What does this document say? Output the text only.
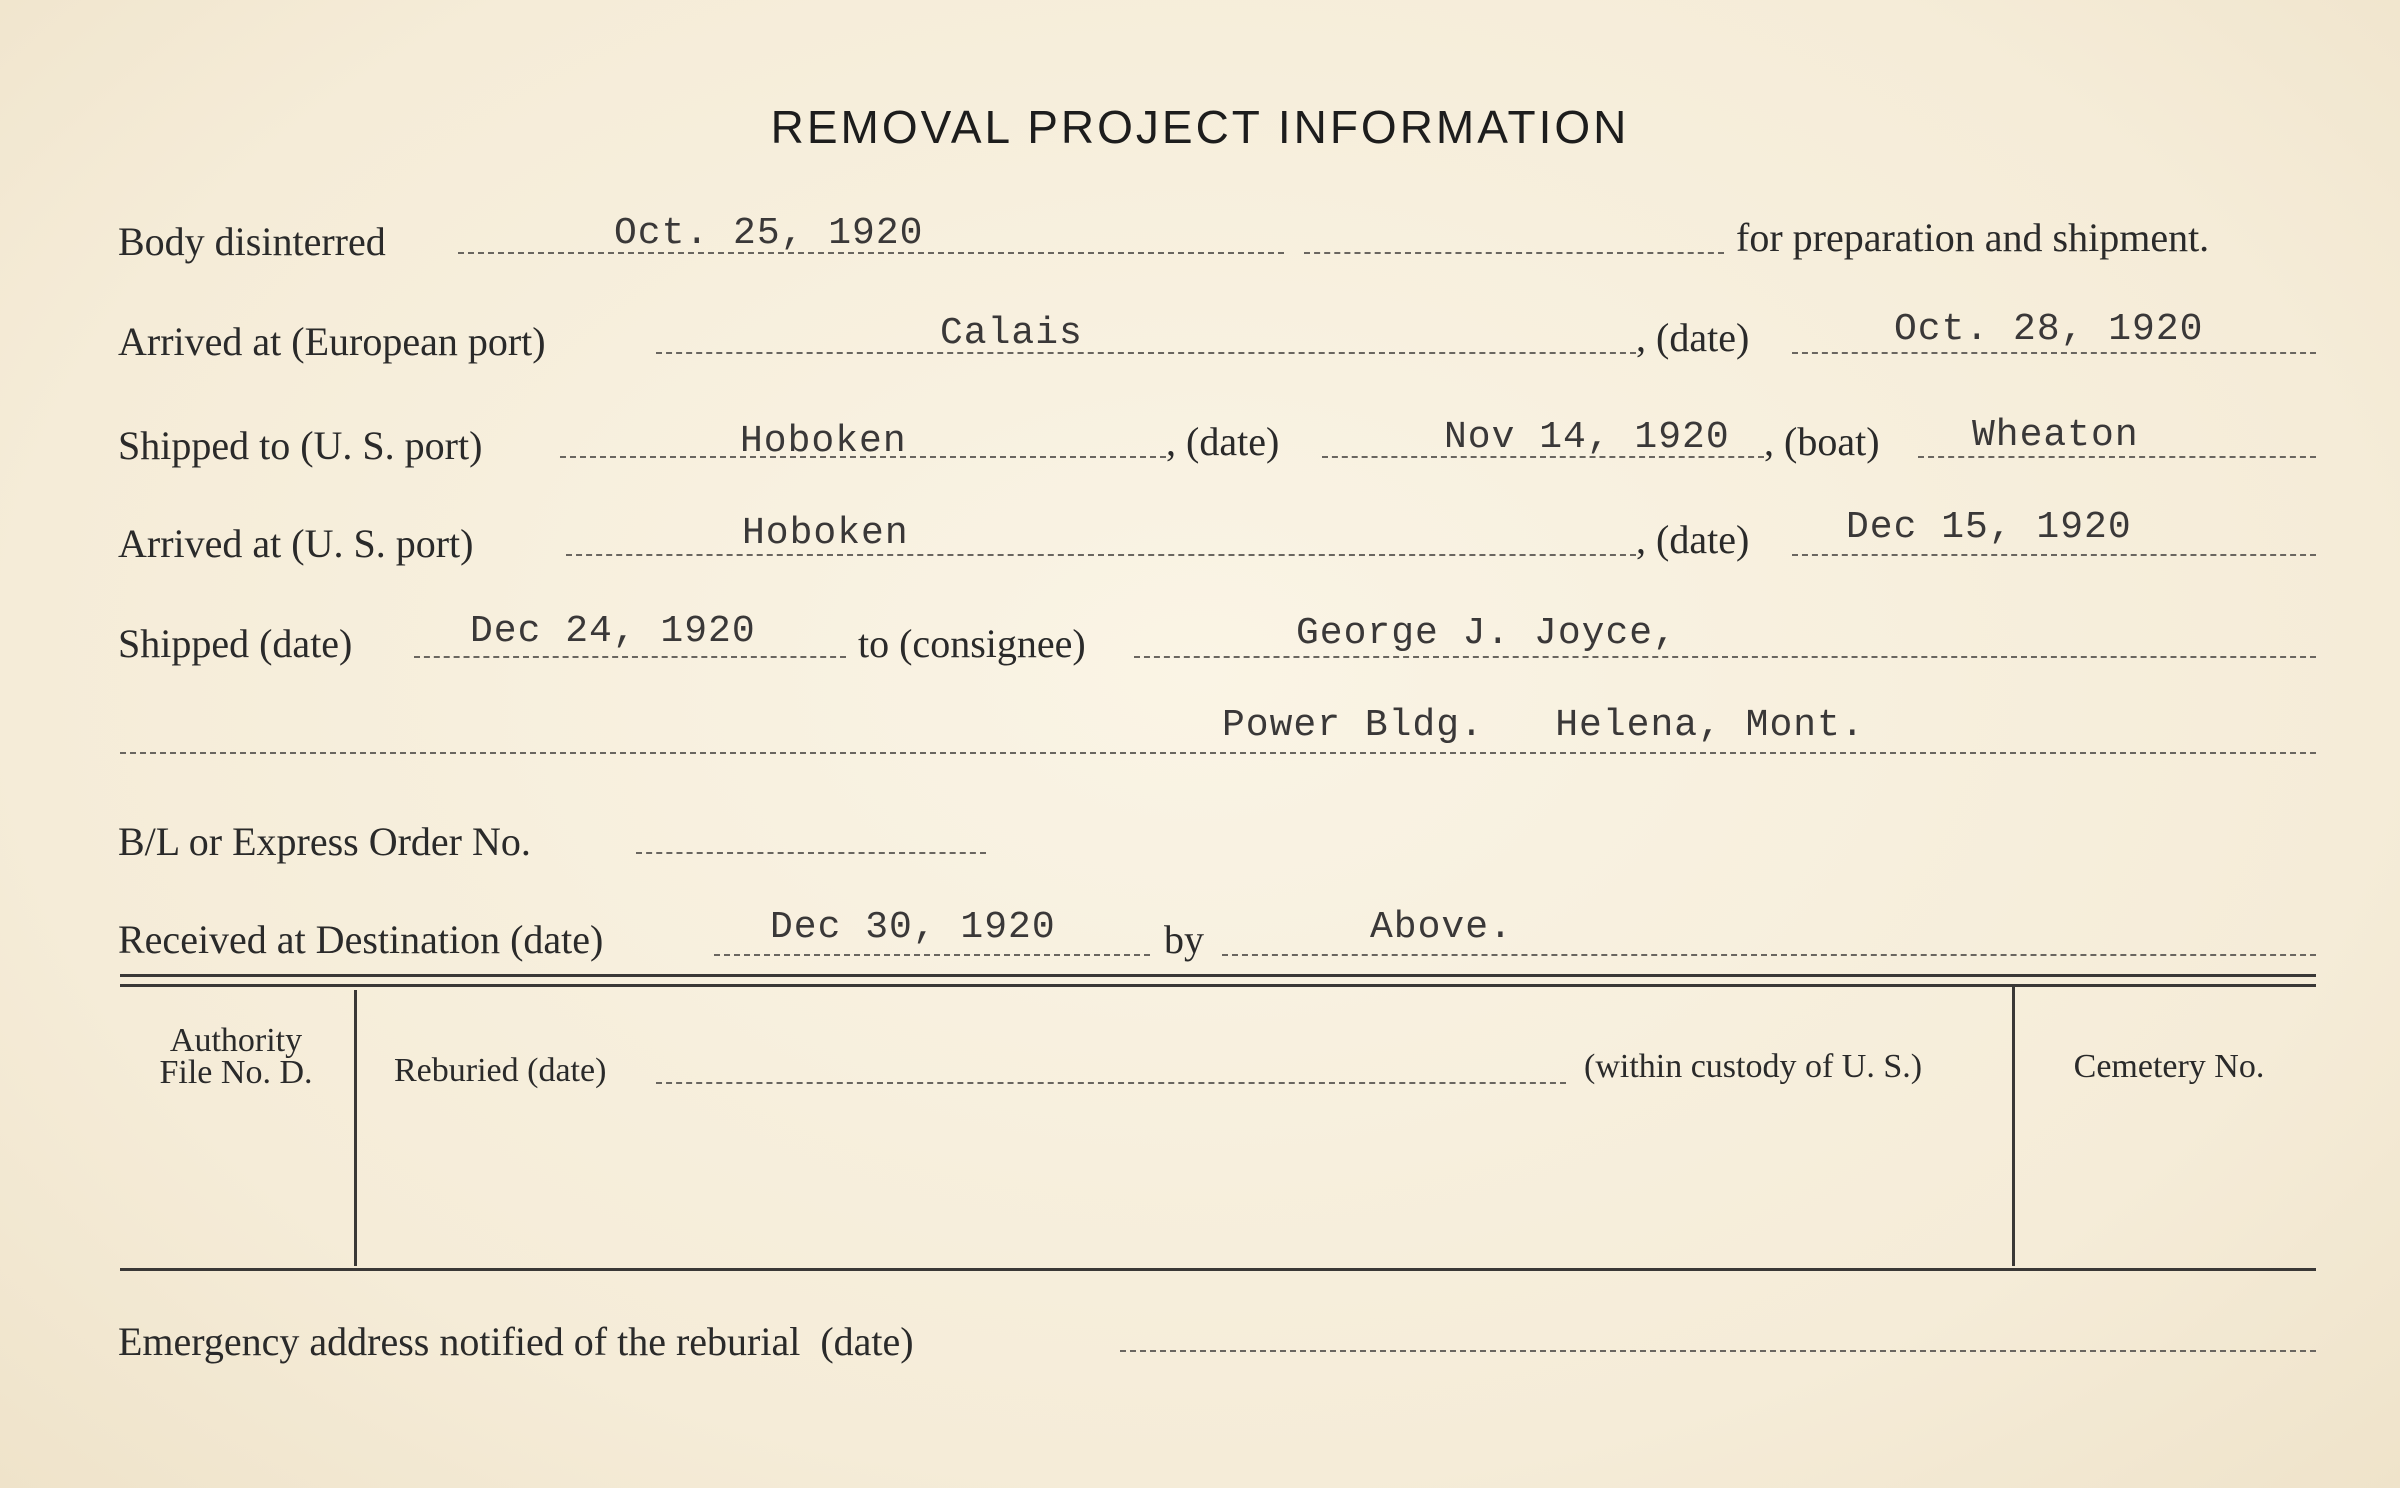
REMOVAL PROJECT INFORMATION
Body disinterred	Oct. 25, 1920	for preparation and shipment.
Arrived at (European port)	Calais	, (date)	Oct. 28, 1920
Shipped to (U. S. port)	Hoboken	, (date)	Nov 14, 1920 , (boat) Wheaton
Arrived at (U. S. port)	Hoboken	, (date)	Dec 15, 1920
Shipped (date)	Dec 24, 1920	to (consignee)	George J. Joyce,
Power Bldg.   Helena, Mont.
B/L or Express Order No.
Received at Destination (date)	Dec 30, 1920	by	Above.
Authority
File No. D.	Reburied (date)	(within custody of U. S.)	Cemetery No.
Emergency address notified of the reburial  (date)
